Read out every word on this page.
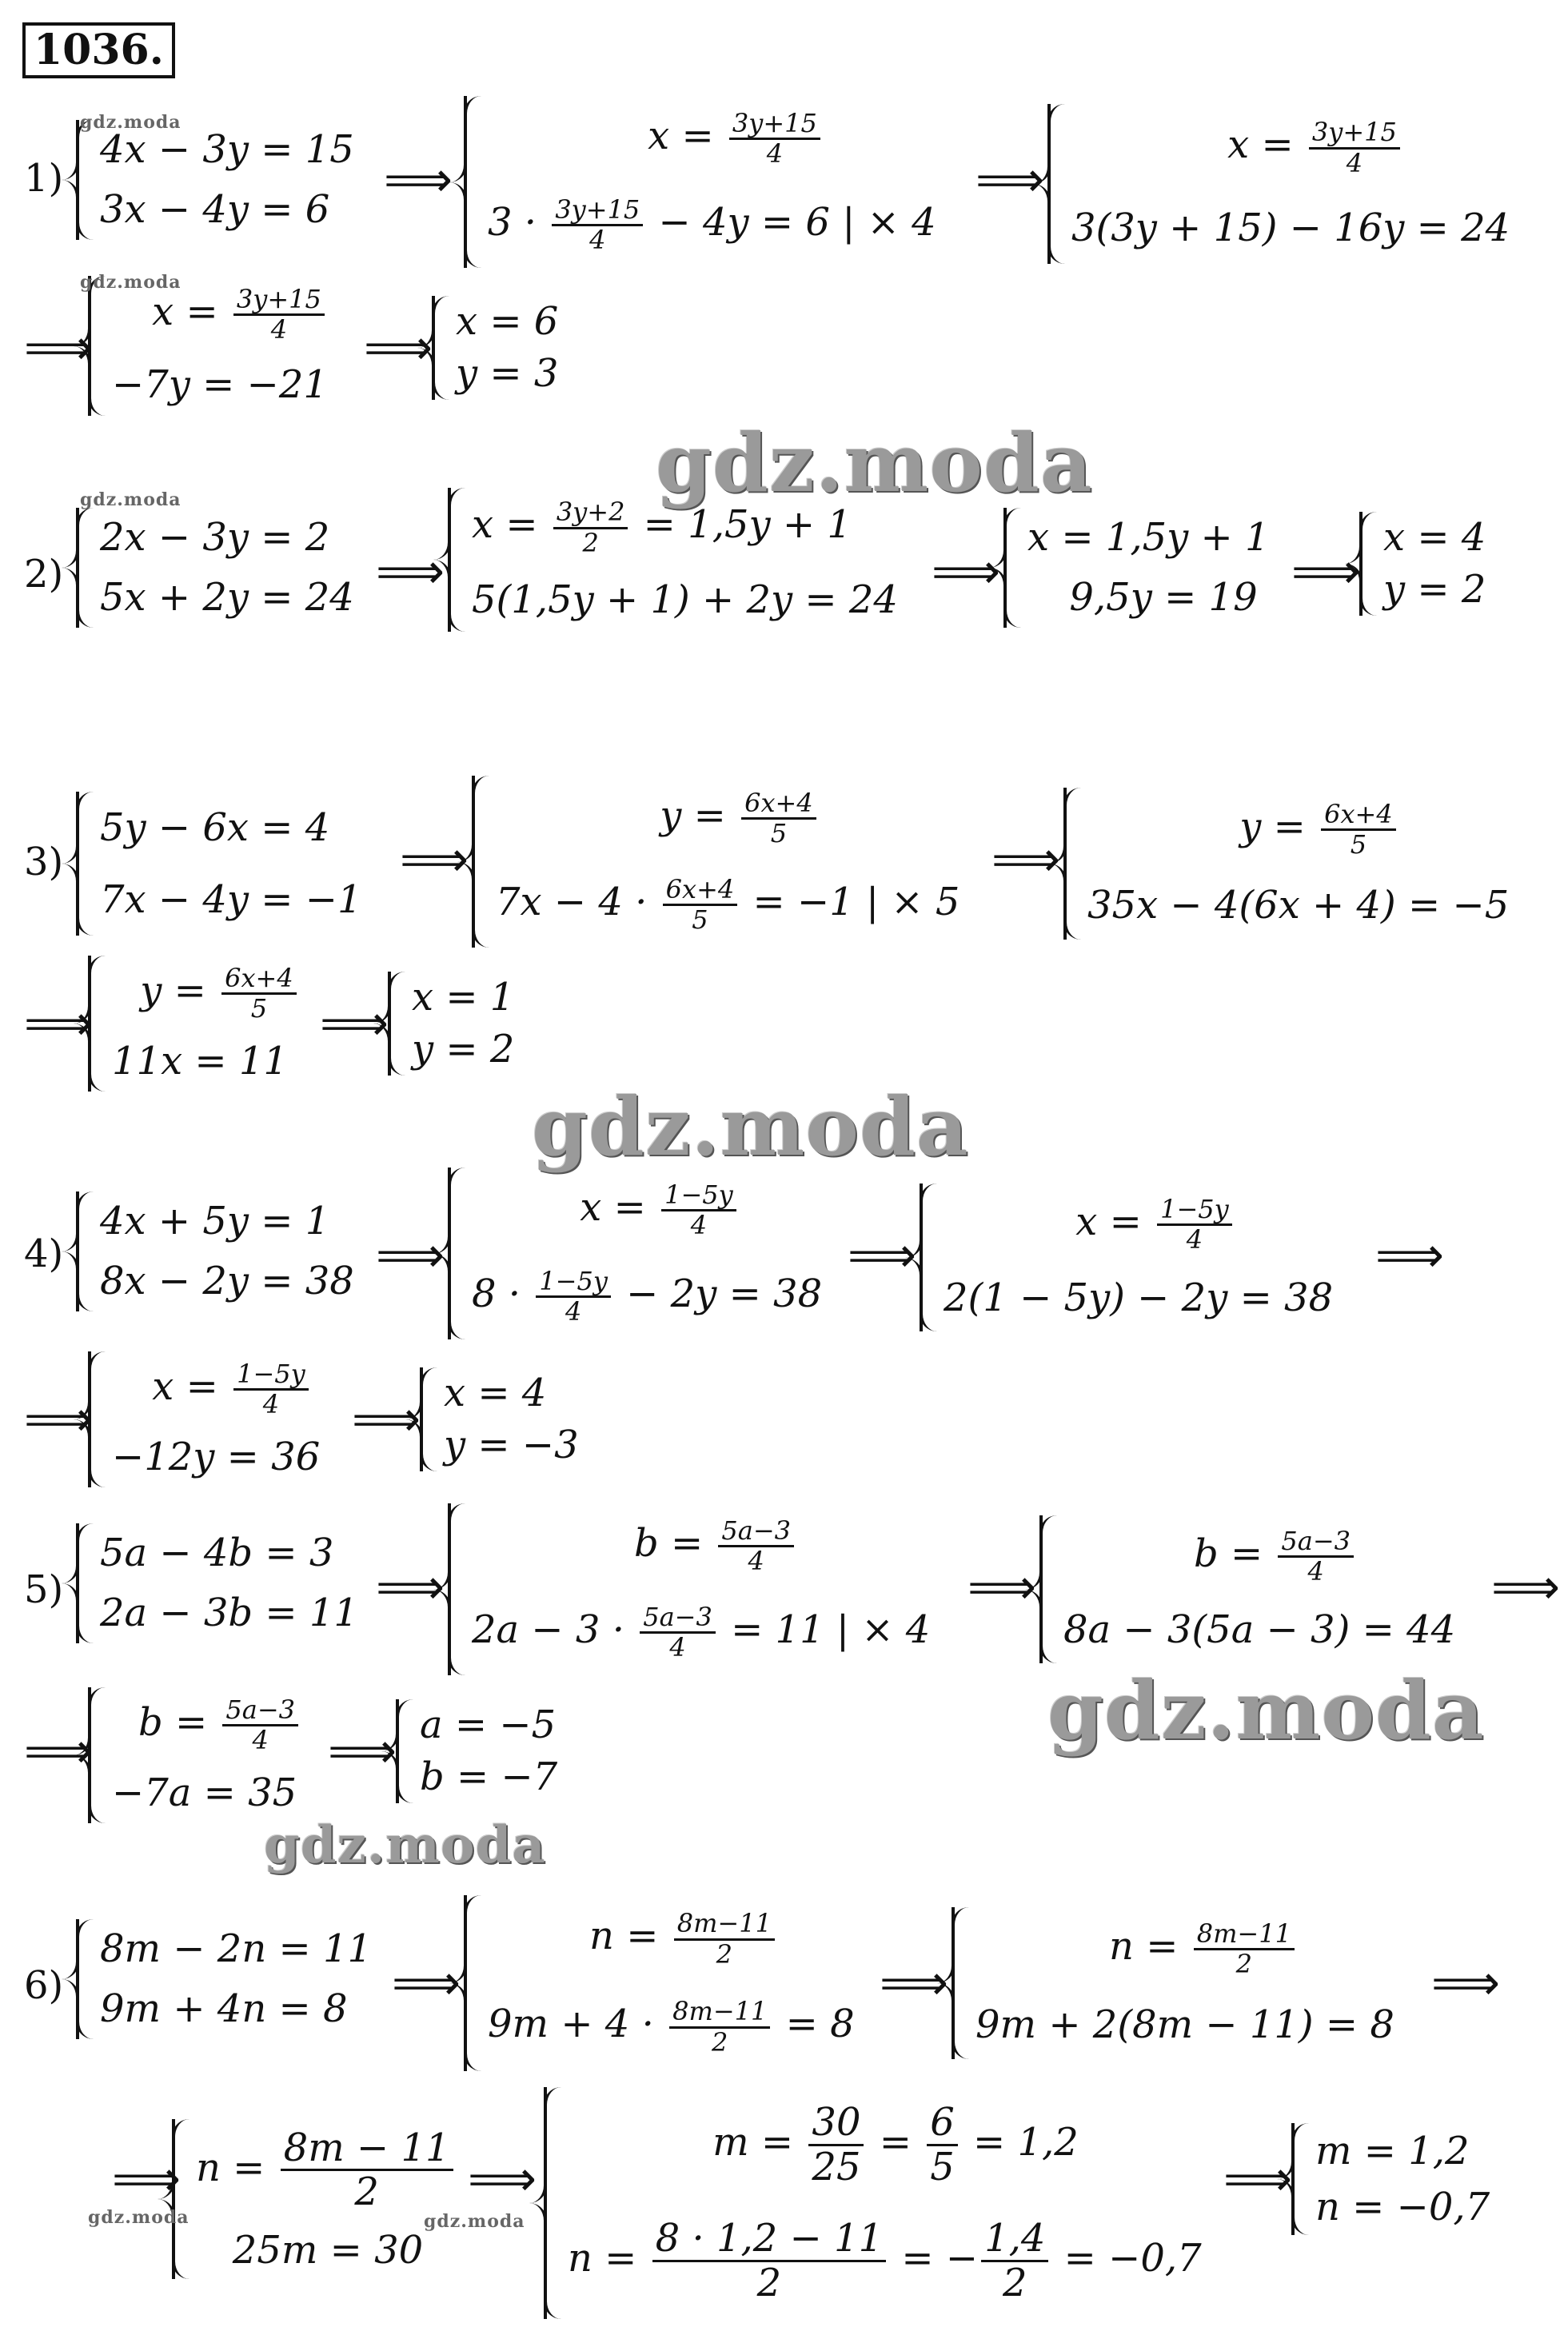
1036.
1)
4x − 3y = 15
3x − 4y = 6
⟹
$x = \frac{3y+15}{4}$
$3 \cdot \frac{3y+15}{4} - 4y = 6$ | × 4
⟹
$x = \frac{3y+15}{4}$
3(3y + 15) − 16y = 24
⟹
$x = \frac{3y+15}{4}$
−7y = −21
⟹ x = 6
y = 3
gdz.moda
gdz.moda
gdz.moda
gdz.moda
2)
2x − 3y = 2
5x + 2y = 24 ⟹
$x = \frac{3y+2}{2} = 1,5y + 1$
5(1,5y + 1) + 2y = 24 ⟹
x = 1,5y + 1
9,5y = 19 ⟹
x = 4
y = 2
3)
5y − 6x = 4
7x − 4y = −1
⟹
$y = \frac{6x+4}{5}$
$7x - 4 \cdot \frac{6x+4}{5} = -1$ | × 5
⟹
$y = \frac{6x+4}{5}$
35x − 4(6x + 4) = −5
⟹
$y = \frac{6x+4}{5}$
11x = 11
⟹ x = 1
y = 2
gdz.moda
4)
4x + 5y = 1
8x − 2y = 38 ⟹
$x = \frac{1-5y}{4}$
$8 \cdot \frac{1-5y}{4} - 2y = 38$
⟹
$x = \frac{1-5y}{4}$
2(1 − 5y) − 2y = 38
⟹
⟹
$x = \frac{1-5y}{4}$
−12y = 36
⟹ x = 4
y = −3
5)
5a − 4b = 3
2a − 3b = 11 ⟹
$b = \frac{5a-3}{4}$
$2a - 3 \cdot \frac{5a-3}{4} = 11$ | × 4
⟹
$b = \frac{5a-3}{4}$
8a − 3(5a − 3) = 44
⟹
gdz.moda
⟹
$b = \frac{5a-3}{4}$
−7a = 35
⟹ a = −5
b = −7
gdz.moda
6)
8m − 2n = 11
9m + 4n = 8 ⟹
$n = \frac{8m-11}{2}$
$9m + 4 \cdot \frac{8m-11}{2} = 8$
⟹
$n = \frac{8m-11}{2}$
9m + 2(8m − 11) = 8
⟹
⟹ $n = \frac{8m - 11}{2}$
25m = 30
⟹
$m = \frac{30}{25} = \frac{6}{5} = 1,2$
$n = \frac{8 \cdot 1,2 - 11}{2}$ = − $\frac{1,4}{2} = -0,7$
⟹
m = 1,2
n = −0,7
gdz.moda	gdz.moda
